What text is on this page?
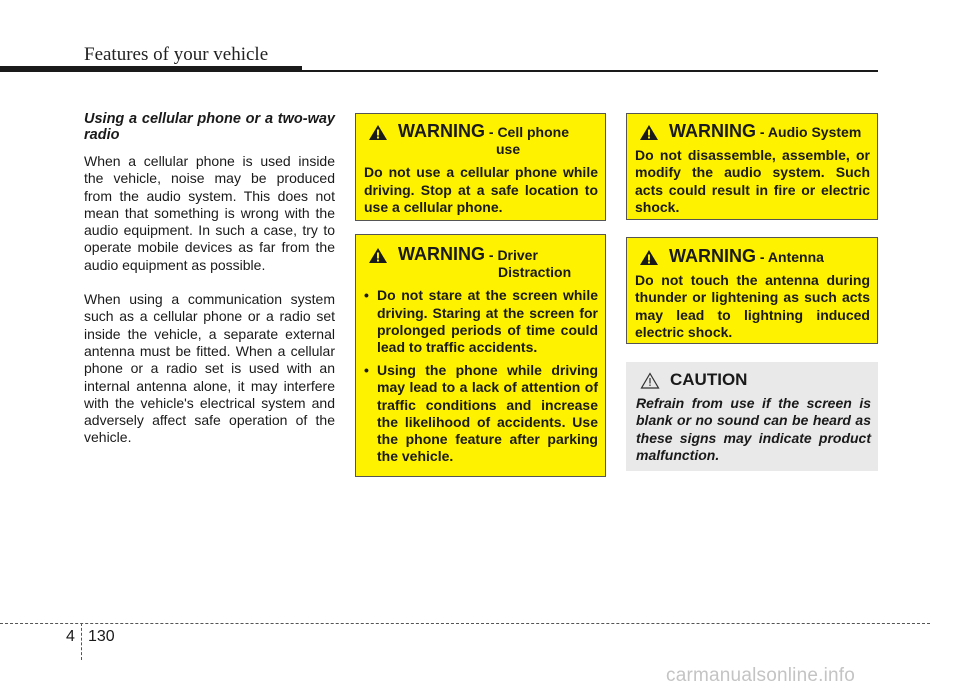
Features of your vehicle

Using a cellular phone or a two-way radio

When a cellular phone is used inside the vehicle, noise may be produced from the audio system. This does not mean that something is wrong with the audio equipment. In such a case, try to operate mobile devices as far from the audio equipment as possible.

When using a communication system such as a cellular phone or a radio set inside the vehicle, a separate external antenna must be fitted. When a cellular phone or a radio set is used with an internal antenna alone, it may interfere with the vehicle's electrical system and adversely affect safe operation of the vehicle.

WARNING - Cell phone
use
Do not use a cellular phone while driving. Stop at a safe location to use a cellular phone.
WARNING - Driver
Distraction
• Do not stare at the screen while driving. Staring at the screen for prolonged periods of time could lead to traffic accidents.
• Using the phone while driving may lead to a lack of attention of traffic conditions and increase the likelihood of accidents. Use the phone feature after parking the vehicle.
WARNING - Audio System
Do not disassemble, assemble, or modify the audio system. Such acts could result in fire or electric shock.
WARNING - Antenna
Do not touch the antenna during thunder or lightening as such acts may lead to lightning induced electric shock.
CAUTION
Refrain from use if the screen is blank or no sound can be heard as these signs may indicate product malfunction.
4 130
carmanualsonline.info
